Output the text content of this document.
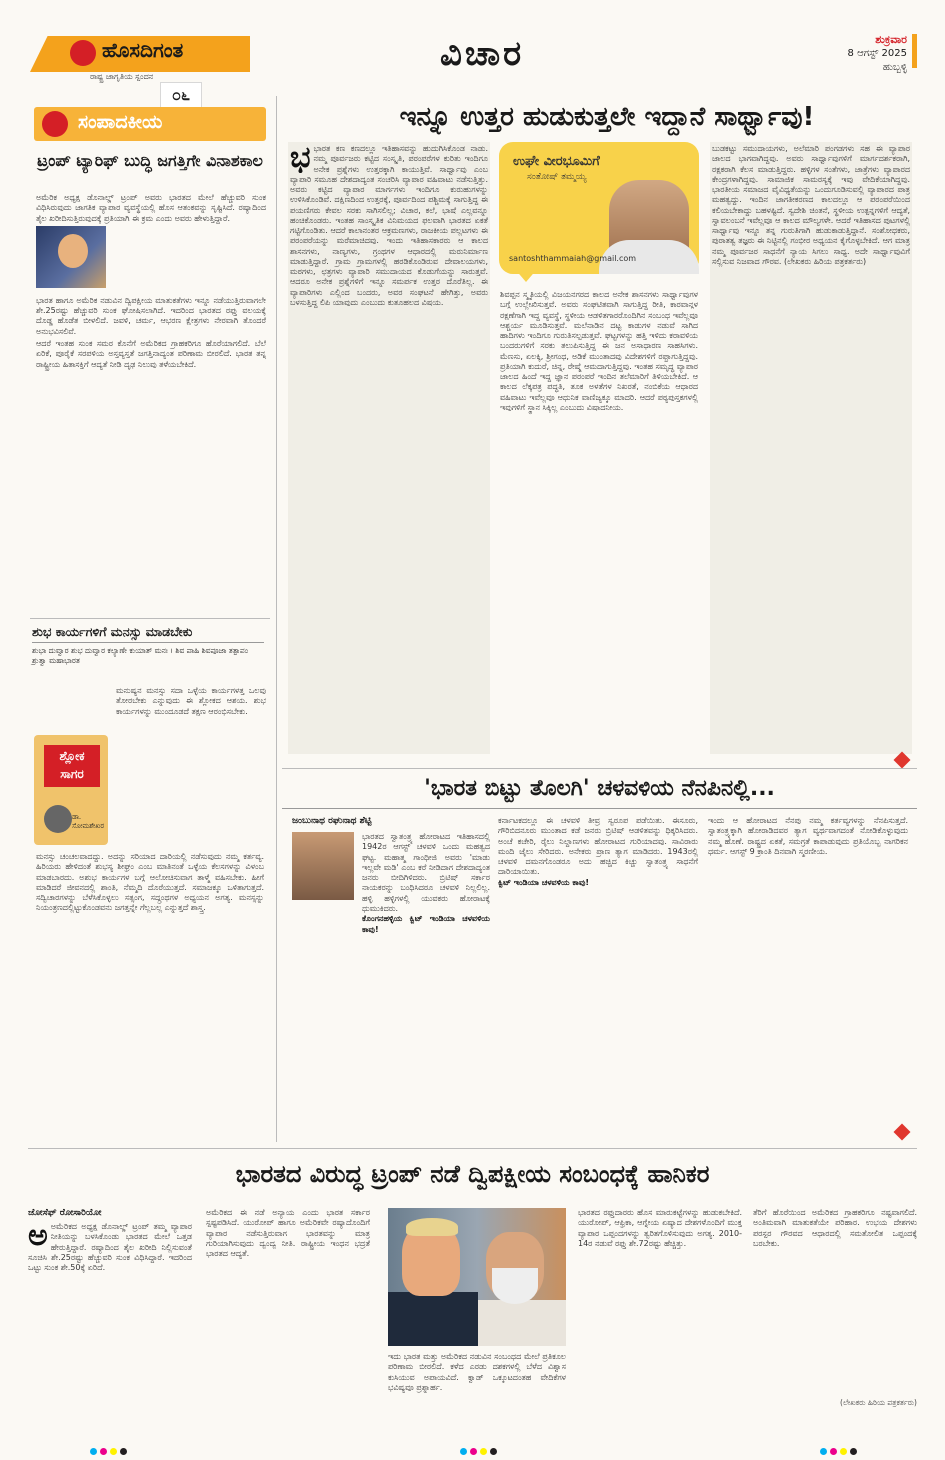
ಹೊಸದಿಗಂತ
ರಾಷ್ಟ್ರ ಜಾಗೃತಿಯ ಸ್ಪಂದನ
೦೬
ವಿಚಾರ	ಶುಕ್ರವಾರ
8 ಆಗಸ್ಟ್ 2025
ಹುಬ್ಬಳ್ಳಿ
ಸಂಪಾದಕೀಯ
ಟ್ರಂಪ್ ಟ್ಯಾರಿಫ್ ಬುದ್ಧಿ ಜಗತ್ತಿಗೇ ವಿನಾಶಕಾಲ

ಅಮೆರಿಕ ಅಧ್ಯಕ್ಷ ಡೊನಾಲ್ಡ್ ಟ್ರಂಪ್ ಅವರು ಭಾರತದ ಮೇಲೆ ಹೆಚ್ಚುವರಿ ಸುಂಕ ವಿಧಿಸಿರುವುದು ಜಾಗತಿಕ ವ್ಯಾಪಾರ ವ್ಯವಸ್ಥೆಯಲ್ಲಿ ಹೊಸ ಆತಂಕವನ್ನು ಸೃಷ್ಟಿಸಿದೆ. ರಷ್ಯಾದಿಂದ ತೈಲ ಖರೀದಿಸುತ್ತಿರುವುದಕ್ಕೆ ಪ್ರತಿಯಾಗಿ ಈ ಕ್ರಮ ಎಂದು ಅವರು ಹೇಳುತ್ತಿದ್ದಾರೆ.

ಭಾರತ ಹಾಗೂ ಅಮೆರಿಕ ನಡುವಿನ ದ್ವಿಪಕ್ಷೀಯ ಮಾತುಕತೆಗಳು ಇನ್ನೂ ನಡೆಯುತ್ತಿರುವಾಗಲೇ ಶೇ.25ರಷ್ಟು ಹೆಚ್ಚುವರಿ ಸುಂಕ ಘೋಷಿಸಲಾಗಿದೆ. ಇದರಿಂದ ಭಾರತದ ರಫ್ತು ವಲಯಕ್ಕೆ ದೊಡ್ಡ ಹೊಡೆತ ಬೀಳಲಿದೆ. ಜವಳಿ, ಚರ್ಮ, ಆಭರಣ ಕ್ಷೇತ್ರಗಳು ನೇರವಾಗಿ ತೊಂದರೆ ಅನುಭವಿಸಲಿವೆ.

ಆದರೆ ಇಂತಹ ಸುಂಕ ಸಮರ ಕೊನೆಗೆ ಅಮೆರಿಕದ ಗ್ರಾಹಕರಿಗೂ ಹೊರೆಯಾಗಲಿದೆ. ಬೆಲೆ ಏರಿಕೆ, ಪೂರೈಕೆ ಸರಪಳಿಯ ಅಸ್ತವ್ಯಸ್ತತೆ ಜಗತ್ತಿನಾದ್ಯಂತ ಪರಿಣಾಮ ಬೀರಲಿದೆ. ಭಾರತ ತನ್ನ ರಾಷ್ಟ್ರೀಯ ಹಿತಾಸಕ್ತಿಗೆ ಆದ್ಯತೆ ನೀಡಿ ದೃಢ ನಿಲುವು ತಳೆಯಬೇಕಿದೆ.

ಶುಭ ಕಾರ್ಯಗಳಿಗೆ ಮನಸ್ಸು ಮಾಡಬೇಕು
ಶುಭಾ ದುವ್ವಾರ ಶುಭ ದುವ್ವಾರ ಕಲ್ಯಾಣೇ ಕುಯಾತ್ ಮನಃ । ಶಿವ ಪಾಹಿ ಶಿವಪೂಜಾ ತತ್ಪಾಪಂ ಶ್ರುತ್ವಾ ಮಹಾಭಾರತ
ಶ್ಲೋಕ
ಸಾಗರ
ಡಾ. ಸೋಮಶೇಖರ
ಮನುಷ್ಯನ ಮನಸ್ಸು ಸದಾ ಒಳ್ಳೆಯ ಕಾರ್ಯಗಳತ್ತ ಒಲವು ತೋರಬೇಕು ಎನ್ನುವುದು ಈ ಶ್ಲೋಕದ ಆಶಯ. ಶುಭ ಕಾರ್ಯಗಳನ್ನು ಮುಂದೂಡದೆ ತಕ್ಷಣ ಆರಂಭಿಸಬೇಕು.
ಮನಸ್ಸು ಚಂಚಲವಾದದ್ದು. ಅದನ್ನು ಸರಿಯಾದ ದಾರಿಯಲ್ಲಿ ನಡೆಸುವುದು ನಮ್ಮ ಕರ್ತವ್ಯ. ಹಿರಿಯರು ಹೇಳಿದಂತೆ ಶುಭಸ್ಯ ಶೀಘ್ರಂ ಎಂಬ ಮಾತಿನಂತೆ ಒಳ್ಳೆಯ ಕೆಲಸಗಳನ್ನು ವಿಳಂಬ ಮಾಡಬಾರದು. ಅಶುಭ ಕಾರ್ಯಗಳ ಬಗ್ಗೆ ಆಲೋಚಿಸುವಾಗ ತಾಳ್ಮೆ ವಹಿಸಬೇಕು. ಹೀಗೆ ಮಾಡಿದರೆ ಜೀವನದಲ್ಲಿ ಶಾಂತಿ, ನೆಮ್ಮದಿ ದೊರೆಯುತ್ತದೆ. ಸಮಾಜಕ್ಕೂ ಒಳಿತಾಗುತ್ತದೆ. ಸದ್ವಿಚಾರಗಳನ್ನು ಬೆಳೆಸಿಕೊಳ್ಳಲು ಸತ್ಸಂಗ, ಸದ್ಗ್ರಂಥಗಳ ಅಧ್ಯಯನ ಅಗತ್ಯ. ಮನಸ್ಸನ್ನು ನಿಯಂತ್ರಣದಲ್ಲಿಟ್ಟುಕೊಂಡವನು ಜಗತ್ತನ್ನೇ ಗೆಲ್ಲಬಲ್ಲ ಎನ್ನುತ್ತದೆ ಶಾಸ್ತ್ರ.
ಇನ್ನೂ ಉತ್ತರ ಹುಡುಕುತ್ತಲೇ ಇದ್ದಾನೆ ಸಾರ್ಥ್ವಾವು!
ಭಭಾರತ ಕಣ ಕಣದಲ್ಲೂ ಇತಿಹಾಸವನ್ನು ಹುದುಗಿಸಿಕೊಂಡ ನಾಡು. ನಮ್ಮ ಪೂರ್ವಜರು ಕಟ್ಟಿದ ಸಂಸ್ಕೃತಿ, ಪರಂಪರೆಗಳ ಕುರಿತು ಇಂದಿಗೂ ಅನೇಕ ಪ್ರಶ್ನೆಗಳು ಉತ್ತರಕ್ಕಾಗಿ ಕಾಯುತ್ತಿವೆ. ಸಾರ್ಥ್ವಾವು ಎಂಬ ವ್ಯಾಪಾರಿ ಸಮೂಹ ದೇಶದಾದ್ಯಂತ ಸಂಚರಿಸಿ ವ್ಯಾಪಾರ ವಹಿವಾಟು ನಡೆಸುತ್ತಿತ್ತು. ಅವರು ಕಟ್ಟಿದ ವ್ಯಾಪಾರ ಮಾರ್ಗಗಳು ಇಂದಿಗೂ ಕುರುಹುಗಳನ್ನು ಉಳಿಸಿಕೊಂಡಿವೆ. ದಕ್ಷಿಣದಿಂದ ಉತ್ತರಕ್ಕೆ, ಪೂರ್ವದಿಂದ ಪಶ್ಚಿಮಕ್ಕೆ ಸಾಗುತ್ತಿದ್ದ ಈ ಪಯಣಿಗರು ಕೇವಲ ಸರಕು ಸಾಗಿಸಲಿಲ್ಲ; ವಿಚಾರ, ಕಲೆ, ಭಾಷೆ ಎಲ್ಲವನ್ನೂ ಹಂಚಿಕೊಂಡರು. ಇಂತಹ ಸಾಂಸ್ಕೃತಿಕ ವಿನಿಮಯದ ಫಲವಾಗಿ ಭಾರತದ ಏಕತೆ ಗಟ್ಟಿಗೊಂಡಿತು. ಆದರೆ ಕಾಲಾನಂತರ ಆಕ್ರಮಣಗಳು, ರಾಜಕೀಯ ಪಲ್ಲಟಗಳು ಈ ಪರಂಪರೆಯನ್ನು ಮರೆಮಾಚಿದವು. ಇಂದು ಇತಿಹಾಸಕಾರರು ಆ ಕಾಲದ ಶಾಸನಗಳು, ನಾಣ್ಯಗಳು, ಗ್ರಂಥಗಳ ಆಧಾರದಲ್ಲಿ ಮರುನಿರ್ಮಾಣ ಮಾಡುತ್ತಿದ್ದಾರೆ. ಗ್ರಾಮ ಗ್ರಾಮಗಳಲ್ಲಿ ಹರಡಿಕೊಂಡಿರುವ ದೇವಾಲಯಗಳು, ಮಠಗಳು, ಛತ್ರಗಳು ವ್ಯಾಪಾರಿ ಸಮುದಾಯದ ಕೊಡುಗೆಯನ್ನು ಸಾರುತ್ತವೆ. ಆದರೂ ಅನೇಕ ಪ್ರಶ್ನೆಗಳಿಗೆ ಇನ್ನೂ ಸಮರ್ಪಕ ಉತ್ತರ ದೊರೆತಿಲ್ಲ. ಈ ವ್ಯಾಪಾರಿಗಳು ಎಲ್ಲಿಂದ ಬಂದರು, ಅವರ ಸಂಘಟನೆ ಹೇಗಿತ್ತು, ಅವರು ಬಳಸುತ್ತಿದ್ದ ಲಿಪಿ ಯಾವುದು ಎಂಬುದು ಕುತೂಹಲದ ವಿಷಯ.
ಉಘೇ ವೀರಭೂಮಿಗೆ
ಸಂತೋಷ್ ತಮ್ಮಯ್ಯ
santoshthammaiah@gmail.com
ಶಿವಪ್ಪನ ಸ್ಮೃತಿಯಲ್ಲಿ ವಿಜಯನಗರದ ಕಾಲದ ಅನೇಕ ಶಾಸನಗಳು ಸಾರ್ಥ್ವಾವುಗಳ ಬಗ್ಗೆ ಉಲ್ಲೇಖಿಸುತ್ತವೆ. ಅವರು ಸಂಘಟಿತವಾಗಿ ಸಾಗುತ್ತಿದ್ದ ರೀತಿ, ಕಾರವಾನ್ಗಳ ರಕ್ಷಣೆಗಾಗಿ ಇದ್ದ ವ್ಯವಸ್ಥೆ, ಸ್ಥಳೀಯ ಆಡಳಿತಗಾರರೊಂದಿಗಿನ ಸಂಬಂಧ ಇವೆಲ್ಲವೂ ಆಶ್ಚರ್ಯ ಮೂಡಿಸುತ್ತವೆ. ಮಲೆನಾಡಿನ ದಟ್ಟ ಕಾಡುಗಳ ನಡುವೆ ಸಾಗಿದ ಹಾದಿಗಳು ಇಂದಿಗೂ ಗುರುತಿಸಲ್ಪಡುತ್ತವೆ. ಘಟ್ಟಗಳನ್ನು ಹತ್ತಿ ಇಳಿದು ಕರಾವಳಿಯ ಬಂದರುಗಳಿಗೆ ಸರಕು ತಲುಪಿಸುತ್ತಿದ್ದ ಈ ಜನ ಅಸಾಧಾರಣ ಸಾಹಸಿಗಳು. ಮೆಣಸು, ಏಲಕ್ಕಿ, ಶ್ರೀಗಂಧ, ಅಡಿಕೆ ಮುಂತಾದವು ವಿದೇಶಗಳಿಗೆ ರಫ್ತಾಗುತ್ತಿದ್ದವು. ಪ್ರತಿಯಾಗಿ ಕುದುರೆ, ಚಿನ್ನ, ರೇಷ್ಮೆ ಆಮದಾಗುತ್ತಿದ್ದವು. ಇಂತಹ ಸಮೃದ್ಧ ವ್ಯಾಪಾರ ಜಾಲದ ಹಿಂದೆ ಇದ್ದ ಜ್ಞಾನ ಪರಂಪರೆ ಇಂದಿನ ತಲೆಮಾರಿಗೆ ತಿಳಿಯಬೇಕಿದೆ. ಆ ಕಾಲದ ಲೆಕ್ಕಪತ್ರ ಪದ್ಧತಿ, ತೂಕ ಅಳತೆಗಳ ನಿಖರತೆ, ನಂಬಿಕೆಯ ಆಧಾರದ ವಹಿವಾಟು ಇವೆಲ್ಲವೂ ಆಧುನಿಕ ವಾಣಿಜ್ಯಕ್ಕೂ ಮಾದರಿ. ಆದರೆ ಪಠ್ಯಪುಸ್ತಕಗಳಲ್ಲಿ ಇವುಗಳಿಗೆ ಸ್ಥಾನ ಸಿಕ್ಕಿಲ್ಲ ಎಂಬುದು ವಿಷಾದನೀಯ.
ಬುಡಕಟ್ಟು ಸಮುದಾಯಗಳು, ಅಲೆಮಾರಿ ಪಂಗಡಗಳು ಸಹ ಈ ವ್ಯಾಪಾರ ಜಾಲದ ಭಾಗವಾಗಿದ್ದವು. ಅವರು ಸಾರ್ಥ್ವಾವುಗಳಿಗೆ ಮಾರ್ಗದರ್ಶಕರಾಗಿ, ರಕ್ಷಕರಾಗಿ ಕೆಲಸ ಮಾಡುತ್ತಿದ್ದರು. ಹಳ್ಳಿಗಳ ಸಂತೆಗಳು, ಜಾತ್ರೆಗಳು ವ್ಯಾಪಾರದ ಕೇಂದ್ರಗಳಾಗಿದ್ದವು. ಸಾಮಾಜಿಕ ಸಾಮರಸ್ಯಕ್ಕೆ ಇವು ವೇದಿಕೆಯಾಗಿದ್ದವು. ಭಾರತೀಯ ಸಮಾಜದ ವೈವಿಧ್ಯತೆಯನ್ನು ಒಂದುಗೂಡಿಸುವಲ್ಲಿ ವ್ಯಾಪಾರದ ಪಾತ್ರ ಮಹತ್ವದ್ದು. ಇಂದಿನ ಜಾಗತೀಕರಣದ ಕಾಲದಲ್ಲೂ ಆ ಪರಂಪರೆಯಿಂದ ಕಲಿಯಬೇಕಾದ್ದು ಬಹಳಷ್ಟಿದೆ. ಸ್ವದೇಶಿ ಚಿಂತನೆ, ಸ್ಥಳೀಯ ಉತ್ಪನ್ನಗಳಿಗೆ ಆದ್ಯತೆ, ಸ್ವಾವಲಂಬನೆ ಇವೆಲ್ಲವೂ ಆ ಕಾಲದ ಮೌಲ್ಯಗಳೇ. ಆದರೆ ಇತಿಹಾಸದ ಪುಟಗಳಲ್ಲಿ ಸಾರ್ಥ್ವಾವು ಇನ್ನೂ ತನ್ನ ಗುರುತಿಗಾಗಿ ಹುಡುಕಾಡುತ್ತಿದ್ದಾನೆ. ಸಂಶೋಧಕರು, ಪುರಾತತ್ವ ತಜ್ಞರು ಈ ನಿಟ್ಟಿನಲ್ಲಿ ಗಂಭೀರ ಅಧ್ಯಯನ ಕೈಗೊಳ್ಳಬೇಕಿದೆ. ಆಗ ಮಾತ್ರ ನಮ್ಮ ಪೂರ್ವಜರ ಸಾಧನೆಗೆ ನ್ಯಾಯ ಸಿಗಲು ಸಾಧ್ಯ. ಅದೇ ಸಾರ್ಥ್ವಾವುವಿಗೆ ಸಲ್ಲಿಸುವ ನಿಜವಾದ ಗೌರವ. (ಲೇಖಕರು ಹಿರಿಯ ಪತ್ರಕರ್ತರು)
'ಭಾರತ ಬಿಟ್ಟು ತೊಲಗಿ' ಚಳವಳಿಯ ನೆನಪಿನಲ್ಲಿ...
ಜಂಬುನಾಥ ರಘುನಾಥ ಶೆಟ್ಟಿ
ಭಾರತದ ಸ್ವಾತಂತ್ರ್ಯ ಹೋರಾಟದ ಇತಿಹಾಸದಲ್ಲಿ 1942ರ ಆಗಸ್ಟ್ ಚಳವಳಿ ಒಂದು ಮಹತ್ವದ ಘಟ್ಟ. ಮಹಾತ್ಮ ಗಾಂಧೀಜಿ ಅವರು 'ಮಾಡು ಇಲ್ಲವೇ ಮಡಿ' ಎಂಬ ಕರೆ ನೀಡಿದಾಗ ದೇಶದಾದ್ಯಂತ ಜನರು ಬೀದಿಗಿಳಿದರು. ಬ್ರಿಟಿಷ್ ಸರ್ಕಾರ ನಾಯಕರನ್ನು ಬಂಧಿಸಿದರೂ ಚಳವಳಿ ನಿಲ್ಲಲಿಲ್ಲ. ಹಳ್ಳಿ ಹಳ್ಳಿಗಳಲ್ಲಿ ಯುವಕರು ಹೋರಾಟಕ್ಕೆ ಧುಮುಕಿದರು.
ಕೊಂಗನಹಳ್ಳಿಯ ಕ್ವಿಟ್ ಇಂಡಿಯಾ ಚಳವಳಿಯ ಕಾವು!
ಕರ್ನಾಟಕದಲ್ಲೂ ಈ ಚಳವಳಿ ತೀವ್ರ ಸ್ವರೂಪ ಪಡೆಯಿತು. ಈಸೂರು, ಗೌರಿಬಿದನೂರು ಮುಂತಾದ ಕಡೆ ಜನರು ಬ್ರಿಟಿಷ್ ಆಡಳಿತವನ್ನು ಧಿಕ್ಕರಿಸಿದರು. ಅಂಚೆ ಕಚೇರಿ, ರೈಲು ನಿಲ್ದಾಣಗಳು ಹೋರಾಟದ ಗುರಿಯಾದವು. ಸಾವಿರಾರು ಮಂದಿ ಜೈಲು ಸೇರಿದರು. ಅನೇಕರು ಪ್ರಾಣ ತ್ಯಾಗ ಮಾಡಿದರು. 1943ರಲ್ಲಿ ಚಳವಳಿ ದಮನಗೊಂಡರೂ ಅದು ಹಚ್ಚಿದ ಕಿಚ್ಚು ಸ್ವಾತಂತ್ರ್ಯ ಸಾಧನೆಗೆ ದಾರಿಯಾಯಿತು.
ಕ್ವಿಟ್ ಇಂಡಿಯಾ ಚಳವಳಿಯ ಕಾವು!
ಇಂದು ಆ ಹೋರಾಟದ ನೆನಪು ನಮ್ಮ ಕರ್ತವ್ಯಗಳನ್ನು ನೆನಪಿಸುತ್ತದೆ. ಸ್ವಾತಂತ್ರ್ಯಕ್ಕಾಗಿ ಹೋರಾಡಿದವರ ತ್ಯಾಗ ವ್ಯರ್ಥವಾಗದಂತೆ ನೋಡಿಕೊಳ್ಳುವುದು ನಮ್ಮ ಹೊಣೆ. ರಾಷ್ಟ್ರದ ಏಕತೆ, ಸಮಗ್ರತೆ ಕಾಪಾಡುವುದು ಪ್ರತಿಯೊಬ್ಬ ನಾಗರಿಕನ ಧರ್ಮ. ಆಗಸ್ಟ್ 9 ಕ್ರಾಂತಿ ದಿನವಾಗಿ ಸ್ಮರಣೀಯ.
ಭಾರತದ ವಿರುದ್ಧ ಟ್ರಂಪ್ ನಡೆ ದ್ವಿಪಕ್ಷೀಯ ಸಂಬಂಧಕ್ಕೆ ಹಾನಿಕರ
ಜೋಸೆಫ್ ರೋಸಾರಿಯೋ
ಅಅಮೆರಿಕದ ಅಧ್ಯಕ್ಷ ಡೊನಾಲ್ಡ್ ಟ್ರಂಪ್ ತಮ್ಮ ವ್ಯಾಪಾರ ನೀತಿಯನ್ನು ಬಳಸಿಕೊಂಡು ಭಾರತದ ಮೇಲೆ ಒತ್ತಡ ಹೇರುತ್ತಿದ್ದಾರೆ. ರಷ್ಯಾದಿಂದ ತೈಲ ಖರೀದಿ ನಿಲ್ಲಿಸುವಂತೆ ಸೂಚಿಸಿ ಶೇ.25ರಷ್ಟು ಹೆಚ್ಚುವರಿ ಸುಂಕ ವಿಧಿಸಿದ್ದಾರೆ. ಇದರಿಂದ ಒಟ್ಟು ಸುಂಕ ಶೇ.50ಕ್ಕೆ ಏರಿದೆ.
ಅಮೆರಿಕದ ಈ ನಡೆ ಅನ್ಯಾಯ ಎಂದು ಭಾರತ ಸರ್ಕಾರ ಸ್ಪಷ್ಟಪಡಿಸಿದೆ. ಯುರೋಪ್ ಹಾಗೂ ಅಮೆರಿಕವೇ ರಷ್ಯಾದೊಂದಿಗೆ ವ್ಯಾಪಾರ ನಡೆಸುತ್ತಿರುವಾಗ ಭಾರತವನ್ನು ಮಾತ್ರ ಗುರಿಯಾಗಿಸುವುದು ದ್ವಂದ್ವ ನೀತಿ. ರಾಷ್ಟ್ರೀಯ ಇಂಧನ ಭದ್ರತೆ ಭಾರತದ ಆದ್ಯತೆ.
ಇದು ಭಾರತ ಮತ್ತು ಅಮೆರಿಕದ ನಡುವಿನ ಸಂಬಂಧದ ಮೇಲೆ ಪ್ರತಿಕೂಲ ಪರಿಣಾಮ ಬೀರಲಿದೆ. ಕಳೆದ ಎರಡು ದಶಕಗಳಲ್ಲಿ ಬೆಳೆದ ವಿಶ್ವಾಸ ಕುಸಿಯುವ ಅಪಾಯವಿದೆ. ಕ್ವಾಡ್ ಒಕ್ಕೂಟದಂತಹ ವೇದಿಕೆಗಳ ಭವಿಷ್ಯವೂ ಪ್ರಶ್ನಾರ್ಹ.
ಭಾರತದ ರಫ್ತುದಾರರು ಹೊಸ ಮಾರುಕಟ್ಟೆಗಳನ್ನು ಹುಡುಕಬೇಕಿದೆ. ಯುರೋಪ್, ಆಫ್ರಿಕಾ, ಆಗ್ನೇಯ ಏಷ್ಯಾದ ದೇಶಗಳೊಂದಿಗೆ ಮುಕ್ತ ವ್ಯಾಪಾರ ಒಪ್ಪಂದಗಳನ್ನು ತ್ವರಿತಗೊಳಿಸುವುದು ಅಗತ್ಯ. 2010-14ರ ನಡುವೆ ರಫ್ತು ಶೇ.72ರಷ್ಟು ಹೆಚ್ಚಿತ್ತು.
ತೆರಿಗೆ ಹೊರೆಯಿಂದ ಅಮೆರಿಕದ ಗ್ರಾಹಕರಿಗೂ ನಷ್ಟವಾಗಲಿದೆ. ಅಂತಿಮವಾಗಿ ಮಾತುಕತೆಯೇ ಪರಿಹಾರ. ಉಭಯ ದೇಶಗಳು ಪರಸ್ಪರ ಗೌರವದ ಆಧಾರದಲ್ಲಿ ಸಮತೋಲಿತ ಒಪ್ಪಂದಕ್ಕೆ ಬರಬೇಕು.
(ಲೇಖಕರು ಹಿರಿಯ ಪತ್ರಕರ್ತರು)
